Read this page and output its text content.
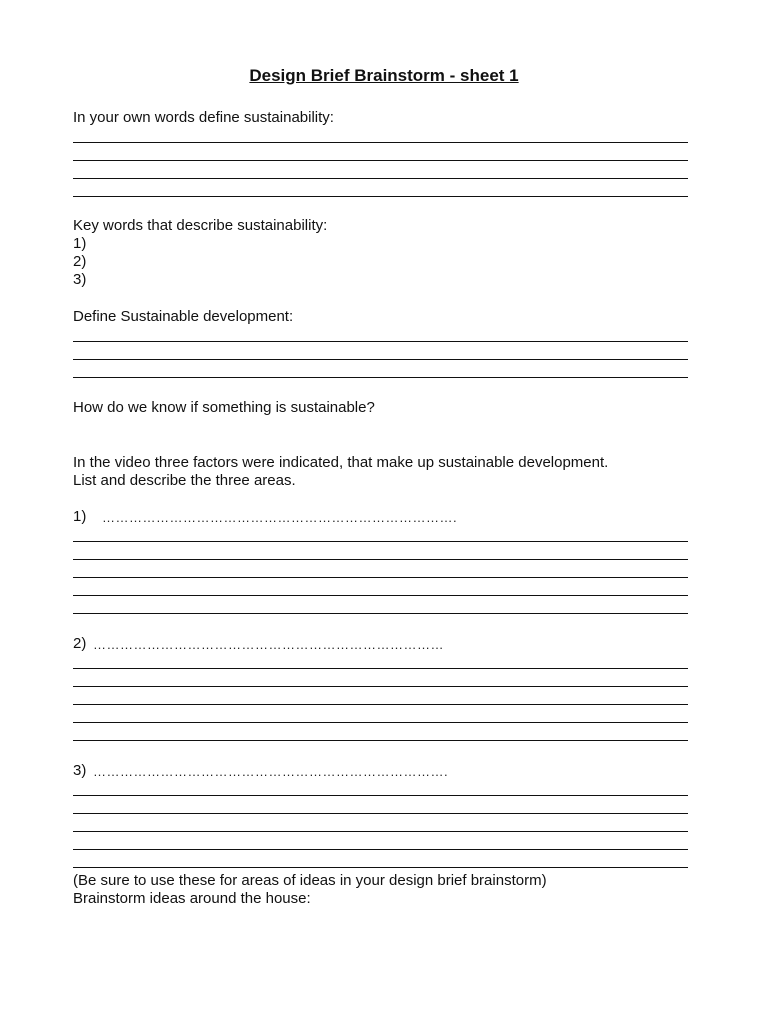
Design Brief Brainstorm - sheet 1
In your own words define sustainability:
Key words that describe sustainability:
1)
2)
3)
Define Sustainable development:
How do we know if something is sustainable?
In the video three factors were indicated, that make up sustainable development.
List and describe the three areas.
1) …………………………………………………………………….
2) ……………………………………………………………………
3) …………………………………………………………………….
(Be sure to use these for areas of ideas in your design brief brainstorm)
Brainstorm ideas around the house:
